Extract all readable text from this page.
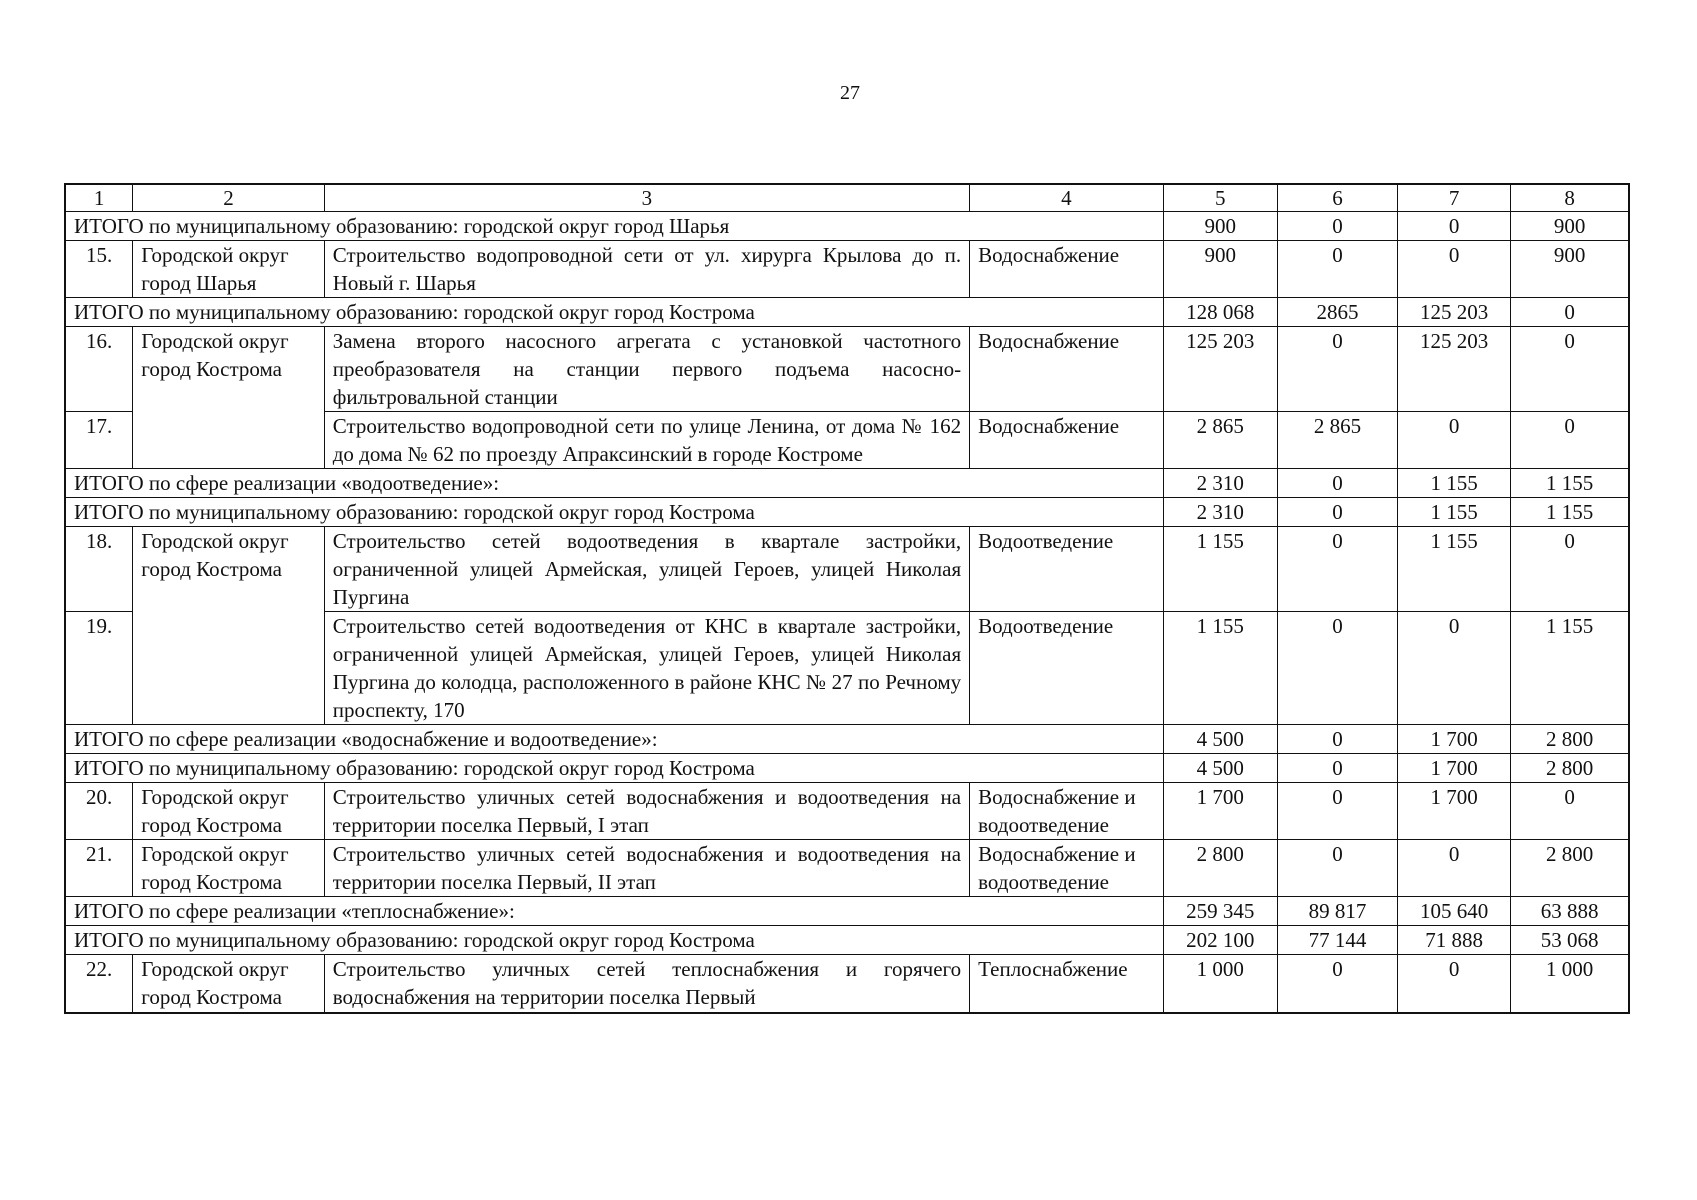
27
1	2	3	4	5	6	7	8
ИТОГО по муниципальному образованию: городской округ город Шарья				900	0	0	900
15.	Городской округ город Шарья	Строительство водопроводной сети от ул. хирурга Крылова до п. Новый г. Шарья	Водоснабжение	900	0	0	900
ИТОГО по муниципальному образованию: городской округ город Кострома				128 068	2865	125 203	0
16.	Городской округ город Кострома	Замена второго насосного агрегата с установкой частотного преобразователя на станции первого подъема насосно-фильтровальной станции	Водоснабжение	125 203	0	125 203	0
17.		Строительство водопроводной сети по улице Ленина, от дома № 162 до дома № 62 по проезду Апраксинский в городе Костроме	Водоснабжение	2 865	2 865	0	0
ИТОГО по сфере реализации «водоотведение»:				2 310	0	1 155	1 155
ИТОГО по муниципальному образованию: городской округ город Кострома				2 310	0	1 155	1 155
18.	Городской округ город Кострома	Строительство сетей водоотведения в квартале застройки, ограниченной улицей Армейская, улицей Героев, улицей Николая Пургина	Водоотведение	1 155	0	1 155	0
19.		Строительство сетей водоотведения от КНС в квартале застройки, ограниченной улицей Армейская, улицей Героев, улицей Николая Пургина до колодца, расположенного в районе КНС № 27 по Речному проспекту, 170	Водоотведение	1 155	0	0	1 155
ИТОГО по сфере реализации «водоснабжение и водоотведение»:				4 500	0	1 700	2 800
ИТОГО по муниципальному образованию: городской округ город Кострома				4 500	0	1 700	2 800
20.	Городской округ город Кострома	Строительство уличных сетей водоснабжения и водоотведения на территории поселка Первый, I этап	Водоснабжение и водоотведение	1 700	0	1 700	0
21.	Городской округ город Кострома	Строительство уличных сетей водоснабжения и водоотведения на территории поселка Первый, II этап	Водоснабжение и водоотведение	2 800	0	0	2 800
ИТОГО по сфере реализации «теплоснабжение»:				259 345	89 817	105 640	63 888
ИТОГО по муниципальному образованию: городской округ город Кострома				202 100	77 144	71 888	53 068
22.	Городской округ город Кострома	Строительство уличных сетей теплоснабжения и горячего водоснабжения на территории поселка Первый	Теплоснабжение	1 000	0	0	1 000
